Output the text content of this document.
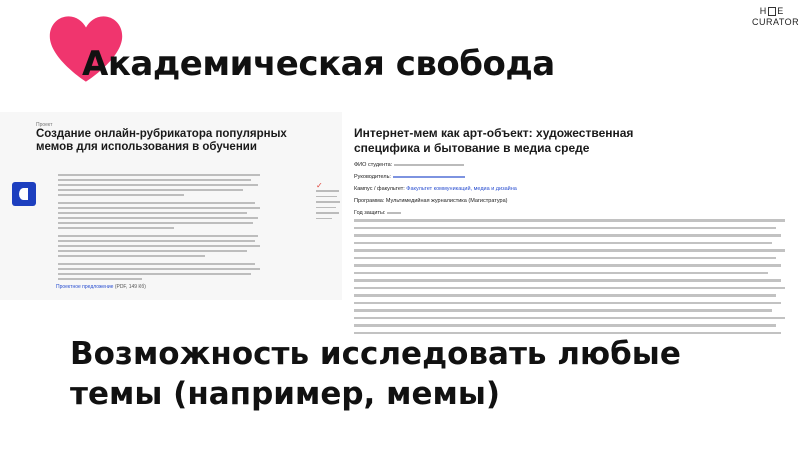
Академическая свобода
H E
CURATOR
Проект
Создание онлайн-рубрикатора популярных мемов для использования в обучении
Проектное предложение (PDF, 149 Кб)
✓
Интернет-мем как арт-объект: художественная специфика и бытование в медиа среде
ФИО студента:
Руководитель:
Кампус / факультет: Факультет коммуникаций, медиа и дизайна
Программа: Мультимедийная журналистика (Магистратура)
Год защиты:

Возможность исследовать любые
темы (например, мемы)
